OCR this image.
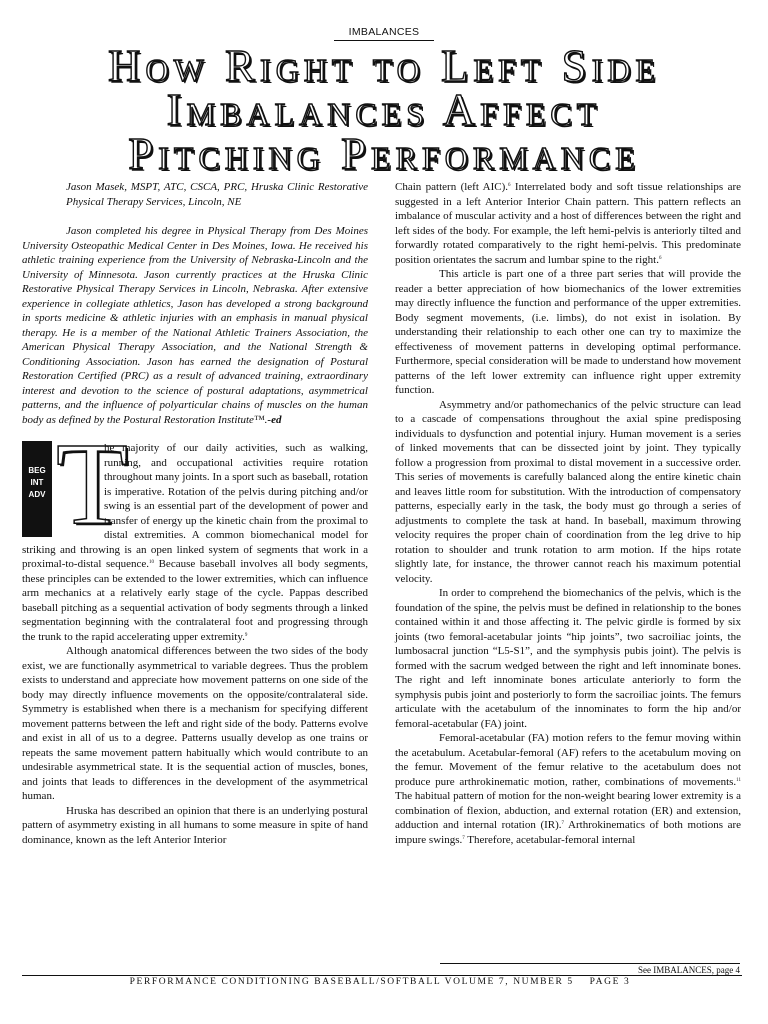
IMBALANCES
How Right to Left Side
Imbalances Affect
Pitching Performance

Jason Masek, MSPT, ATC, CSCA, PRC, Hruska Clinic Restorative Physical Therapy Services, Lincoln, NE

Jason completed his degree in Physical Therapy from Des Moines University Osteopathic Medical Center in Des Moines, Iowa. He received his athletic training experience from the University of Nebraska-Lincoln and the University of Minnesota. Jason currently practices at the Hruska Clinic Restorative Physical Therapy Services in Lincoln, Nebraska. After extensive experience in collegiate athletics, Jason has developed a strong background in sports medicine & athletic injuries with an emphasis in manual physical therapy. He is a member of the National Athletic Trainers Association, the American Physical Therapy Association, and the National Strength & Conditioning Association. Jason has earned the designation of Postural Restoration Certified (PRC) as a result of advanced training, extraordinary interest and devotion to the science of postural adaptations, asymmetrical patterns, and the influence of polyarticular chains of muscles on the human body as defined by the Postural Restoration Institute™.-ed

BEG
INT
ADV T

he majority of our daily activities, such as walking, running, and occupational activities require rotation throughout many joints. In a sport such as baseball, rotation is imperative. Rotation of the pelvis during pitching and/or swing is an essential part of the development of power and transfer of energy up the kinetic chain from the proximal to distal extremities. A common biomechanical model for striking and throwing is an open linked system of segments that work in a proximal-to-distal sequence.$^{10}$ Because baseball involves all body segments, these principles can be extended to the lower extremities, which can influence arm mechanics at a relatively early stage of the cycle. Pappas described baseball pitching as a sequential activation of body segments through a linked segmentation beginning with the contralateral foot and progressing through the trunk to the rapid accelerating upper extremity.$^9$

Although anatomical differences between the two sides of the body exist, we are functionally asymmetrical to variable degrees. Thus the problem exists to understand and appreciate how movement patterns on one side of the body may directly influence movements on the opposite/contralateral side. Symmetry is established when there is a mechanism for specifying different movement patterns between the left and right side of the body. Patterns evolve and exist in all of us to a degree. Patterns usually develop as one trains or repeats the same movement pattern habitually which would contribute to an undesirable asymmetrical state. It is the sequential action of muscles, bones, and joints that leads to differences in the development of the asymmetrical human.

Hruska has described an opinion that there is an underlying postural pattern of asymmetry existing in all humans to some measure in spite of hand dominance, known as the left Anterior Interior

Chain pattern (left AIC).$^6$ Interrelated body and soft tissue relationships are suggested in a left Anterior Interior Chain pattern. This pattern reflects an imbalance of muscular activity and a host of differences between the right and left sides of the body. For example, the left hemi-pelvis is anteriorly tilted and forwardly rotated comparatively to the right hemi-pelvis. This predominate position orientates the sacrum and lumbar spine to the right.$^6$

This article is part one of a three part series that will provide the reader a better appreciation of how biomechanics of the lower extremities may directly influence the function and performance of the upper extremities. Body segment movements, (i.e. limbs), do not exist in isolation. By understanding their relationship to each other one can try to maximize the effectiveness of movement patterns in developing optimal performance. Furthermore, special consideration will be made to understand how movement patterns of the left lower extremity can influence right upper extremity function.

Asymmetry and/or pathomechanics of the pelvic structure can lead to a cascade of compensations throughout the axial spine predisposing individuals to dysfunction and potential injury. Human movement is a series of linked movements that can be dissected joint by joint. They typically follow a progression from proximal to distal movement in a successive order. This series of movements is carefully balanced along the entire kinetic chain and leaves little room for substitution. With the introduction of compensatory patterns, especially early in the task, the body must go through a series of adjustments to complete the task at hand. In baseball, maximum throwing velocity requires the proper chain of coordination from the leg drive to hip rotation to shoulder and trunk rotation to arm motion. If the hips rotate slightly late, for instance, the thrower cannot reach his maximum potential velocity.

In order to comprehend the biomechanics of the pelvis, which is the foundation of the spine, the pelvis must be defined in relationship to the bones contained within it and those affecting it. The pelvic girdle is formed by six joints (two femoral-acetabular joints “hip joints”, two sacroiliac joints, the lumbosacral junction “L5-S1”, and the symphysis pubis joint). The pelvis is formed with the sacrum wedged between the right and left innominate bones. The right and left innominate bones articulate anteriorly to form the symphysis pubis joint and posteriorly to form the sacroiliac joints. The femurs articulate with the acetabulum of the innominates to form the hip and/or femoral-acetabular (FA) joint.

Femoral-acetabular (FA) motion refers to the femur moving within the acetabulum. Acetabular-femoral (AF) refers to the acetabulum moving on the femur. Movement of the femur relative to the acetabulum does not produce pure arthrokinematic motion, rather, combinations of movements.$^{11}$ The habitual pattern of motion for the non-weight bearing lower extremity is a combination of flexion, abduction, and external rotation (ER) and extension, adduction and internal rotation (IR).$^7$ Arthrokinematics of both motions are impure swings.$^7$ Therefore, acetabular-femoral internal

See IMBALANCES, page 4
PERFORMANCE CONDITIONING BASEBALL/SOFTBALL VOLUME 7, NUMBER 5    PAGE 3
